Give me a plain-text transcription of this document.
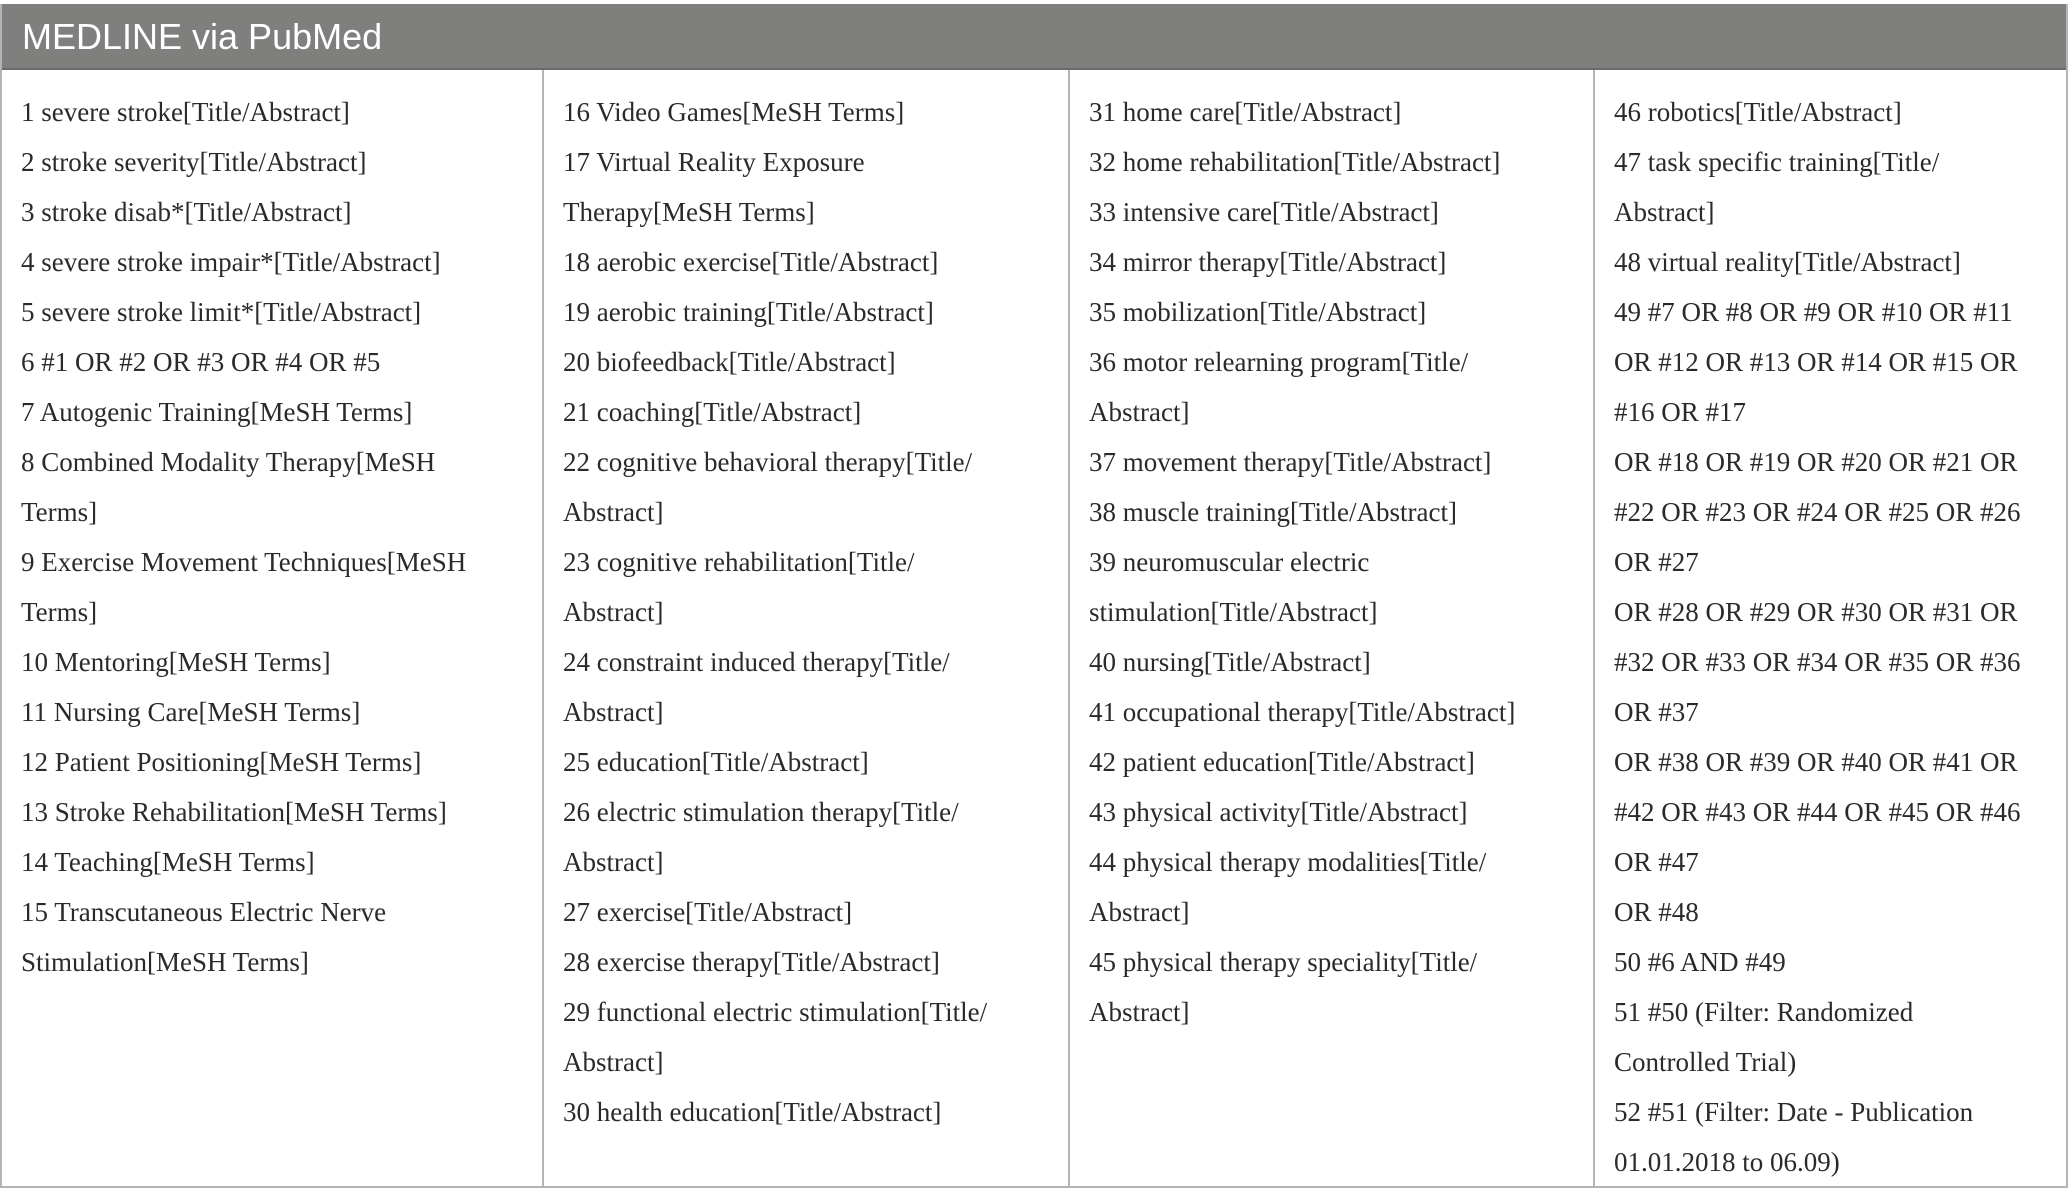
MEDLINE via PubMed
1 severe stroke[Title/Abstract]
2 stroke severity[Title/Abstract]
3 stroke disab*[Title/Abstract]
4 severe stroke impair*[Title/Abstract]
5 severe stroke limit*[Title/Abstract]
6 #1 OR #2 OR #3 OR #4 OR #5
7 Autogenic Training[MeSH Terms]
8 Combined Modality Therapy[MeSH
Terms]
9 Exercise Movement Techniques[MeSH
Terms]
10 Mentoring[MeSH Terms]
11 Nursing Care[MeSH Terms]
12 Patient Positioning[MeSH Terms]
13 Stroke Rehabilitation[MeSH Terms]
14 Teaching[MeSH Terms]
15 Transcutaneous Electric Nerve
Stimulation[MeSH Terms]
16 Video Games[MeSH Terms]
17 Virtual Reality Exposure
Therapy[MeSH Terms]
18 aerobic exercise[Title/Abstract]
19 aerobic training[Title/Abstract]
20 biofeedback[Title/Abstract]
21 coaching[Title/Abstract]
22 cognitive behavioral therapy[Title/
Abstract]
23 cognitive rehabilitation[Title/
Abstract]
24 constraint induced therapy[Title/
Abstract]
25 education[Title/Abstract]
26 electric stimulation therapy[Title/
Abstract]
27 exercise[Title/Abstract]
28 exercise therapy[Title/Abstract]
29 functional electric stimulation[Title/
Abstract]
30 health education[Title/Abstract]
31 home care[Title/Abstract]
32 home rehabilitation[Title/Abstract]
33 intensive care[Title/Abstract]
34 mirror therapy[Title/Abstract]
35 mobilization[Title/Abstract]
36 motor relearning program[Title/
Abstract]
37 movement therapy[Title/Abstract]
38 muscle training[Title/Abstract]
39 neuromuscular electric
stimulation[Title/Abstract]
40 nursing[Title/Abstract]
41 occupational therapy[Title/Abstract]
42 patient education[Title/Abstract]
43 physical activity[Title/Abstract]
44 physical therapy modalities[Title/
Abstract]
45 physical therapy speciality[Title/
Abstract]
46 robotics[Title/Abstract]
47 task specific training[Title/
Abstract]
48 virtual reality[Title/Abstract]
49 #7 OR #8 OR #9 OR #10 OR #11
OR #12 OR #13 OR #14 OR #15 OR
#16 OR #17
OR #18 OR #19 OR #20 OR #21 OR
#22 OR #23 OR #24 OR #25 OR #26
OR #27
OR #28 OR #29 OR #30 OR #31 OR
#32 OR #33 OR #34 OR #35 OR #36
OR #37
OR #38 OR #39 OR #40 OR #41 OR
#42 OR #43 OR #44 OR #45 OR #46
OR #47
OR #48
50 #6 AND #49
51 #50 (Filter: Randomized
Controlled Trial)
52 #51 (Filter: Date - Publication
01.01.2018 to 06.09)
